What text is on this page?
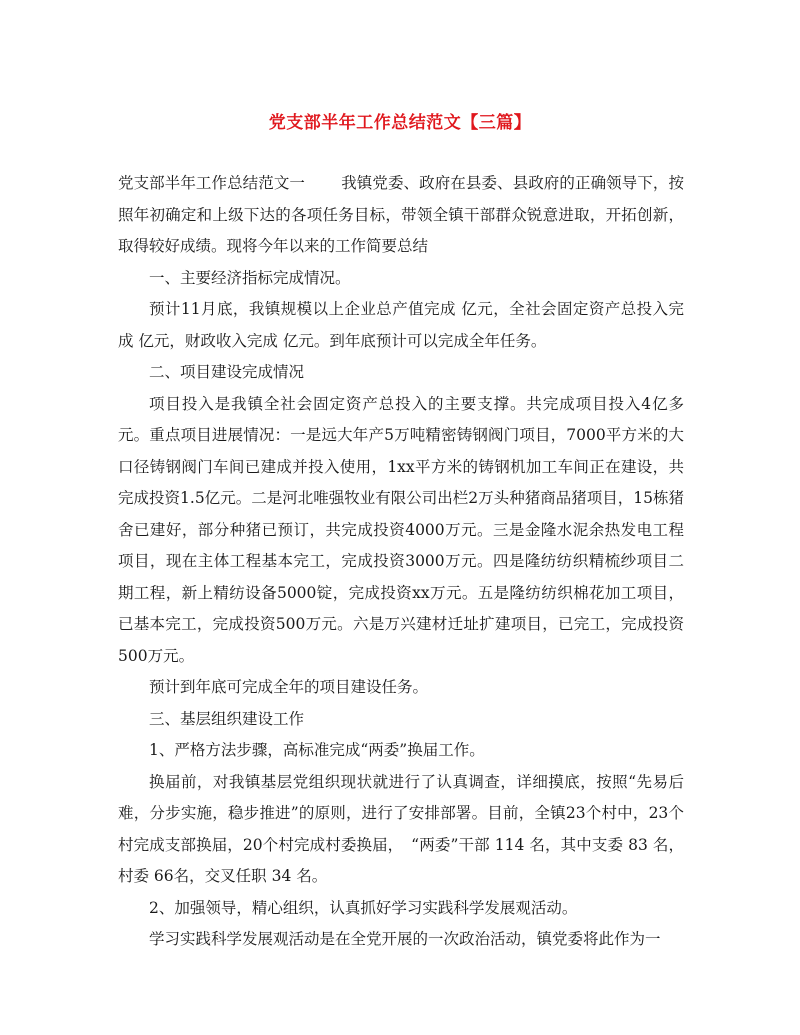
党支部半年工作总结范文【三篇】

党支部半年工作总结范文一　　 我镇党委、政府在县委、县政府的正确领导下，按照年初确定和上级下达的各项任务目标，带领全镇干部群众锐意进取，开拓创新，取得较好成绩。现将今年以来的工作简要总结

一、主要经济指标完成情况。

预计11月底，我镇规模以上企业总产值完成 亿元，全社会固定资产总投入完成 亿元，财政收入完成 亿元。到年底预计可以完成全年任务。

二、项目建设完成情况

项目投入是我镇全社会固定资产总投入的主要支撑。共完成项目投入4亿多元。重点项目进展情况：一是远大年产5万吨精密铸钢阀门项目，7000平方米的大口径铸钢阀门车间已建成并投入使用，1xx平方米的铸钢机加工车间正在建设，共完成投资1.5亿元。二是河北唯强牧业有限公司出栏2万头种猪商品猪项目，15栋猪舍已建好，部分种猪已预订，共完成投资4000万元。三是金隆水泥余热发电工程项目，现在主体工程基本完工，完成投资3000万元。四是隆纺纺织精梳纱项目二期工程，新上精纺设备5000锭，完成投资xx万元。五是隆纺纺织棉花加工项目，已基本完工，完成投资500万元。六是万兴建材迁址扩建项目，已完工，完成投资500万元。

预计到年底可完成全年的项目建设任务。

三、基层组织建设工作

1、严格方法步骤，高标准完成“两委”换届工作。

换届前，对我镇基层党组织现状就进行了认真调查，详细摸底，按照“先易后难，分步实施，稳步推进”的原则，进行了安排部署。目前，全镇23个村中，23个村完成支部换届，20个村完成村委换届，　“两委”干部 114 名，其中支委 83 名，村委 66名，交叉任职 34 名。

2、加强领导，精心组织，认真抓好学习实践科学发展观活动。

学习实践科学发展观活动是在全党开展的一次政治活动，镇党委将此作为一
